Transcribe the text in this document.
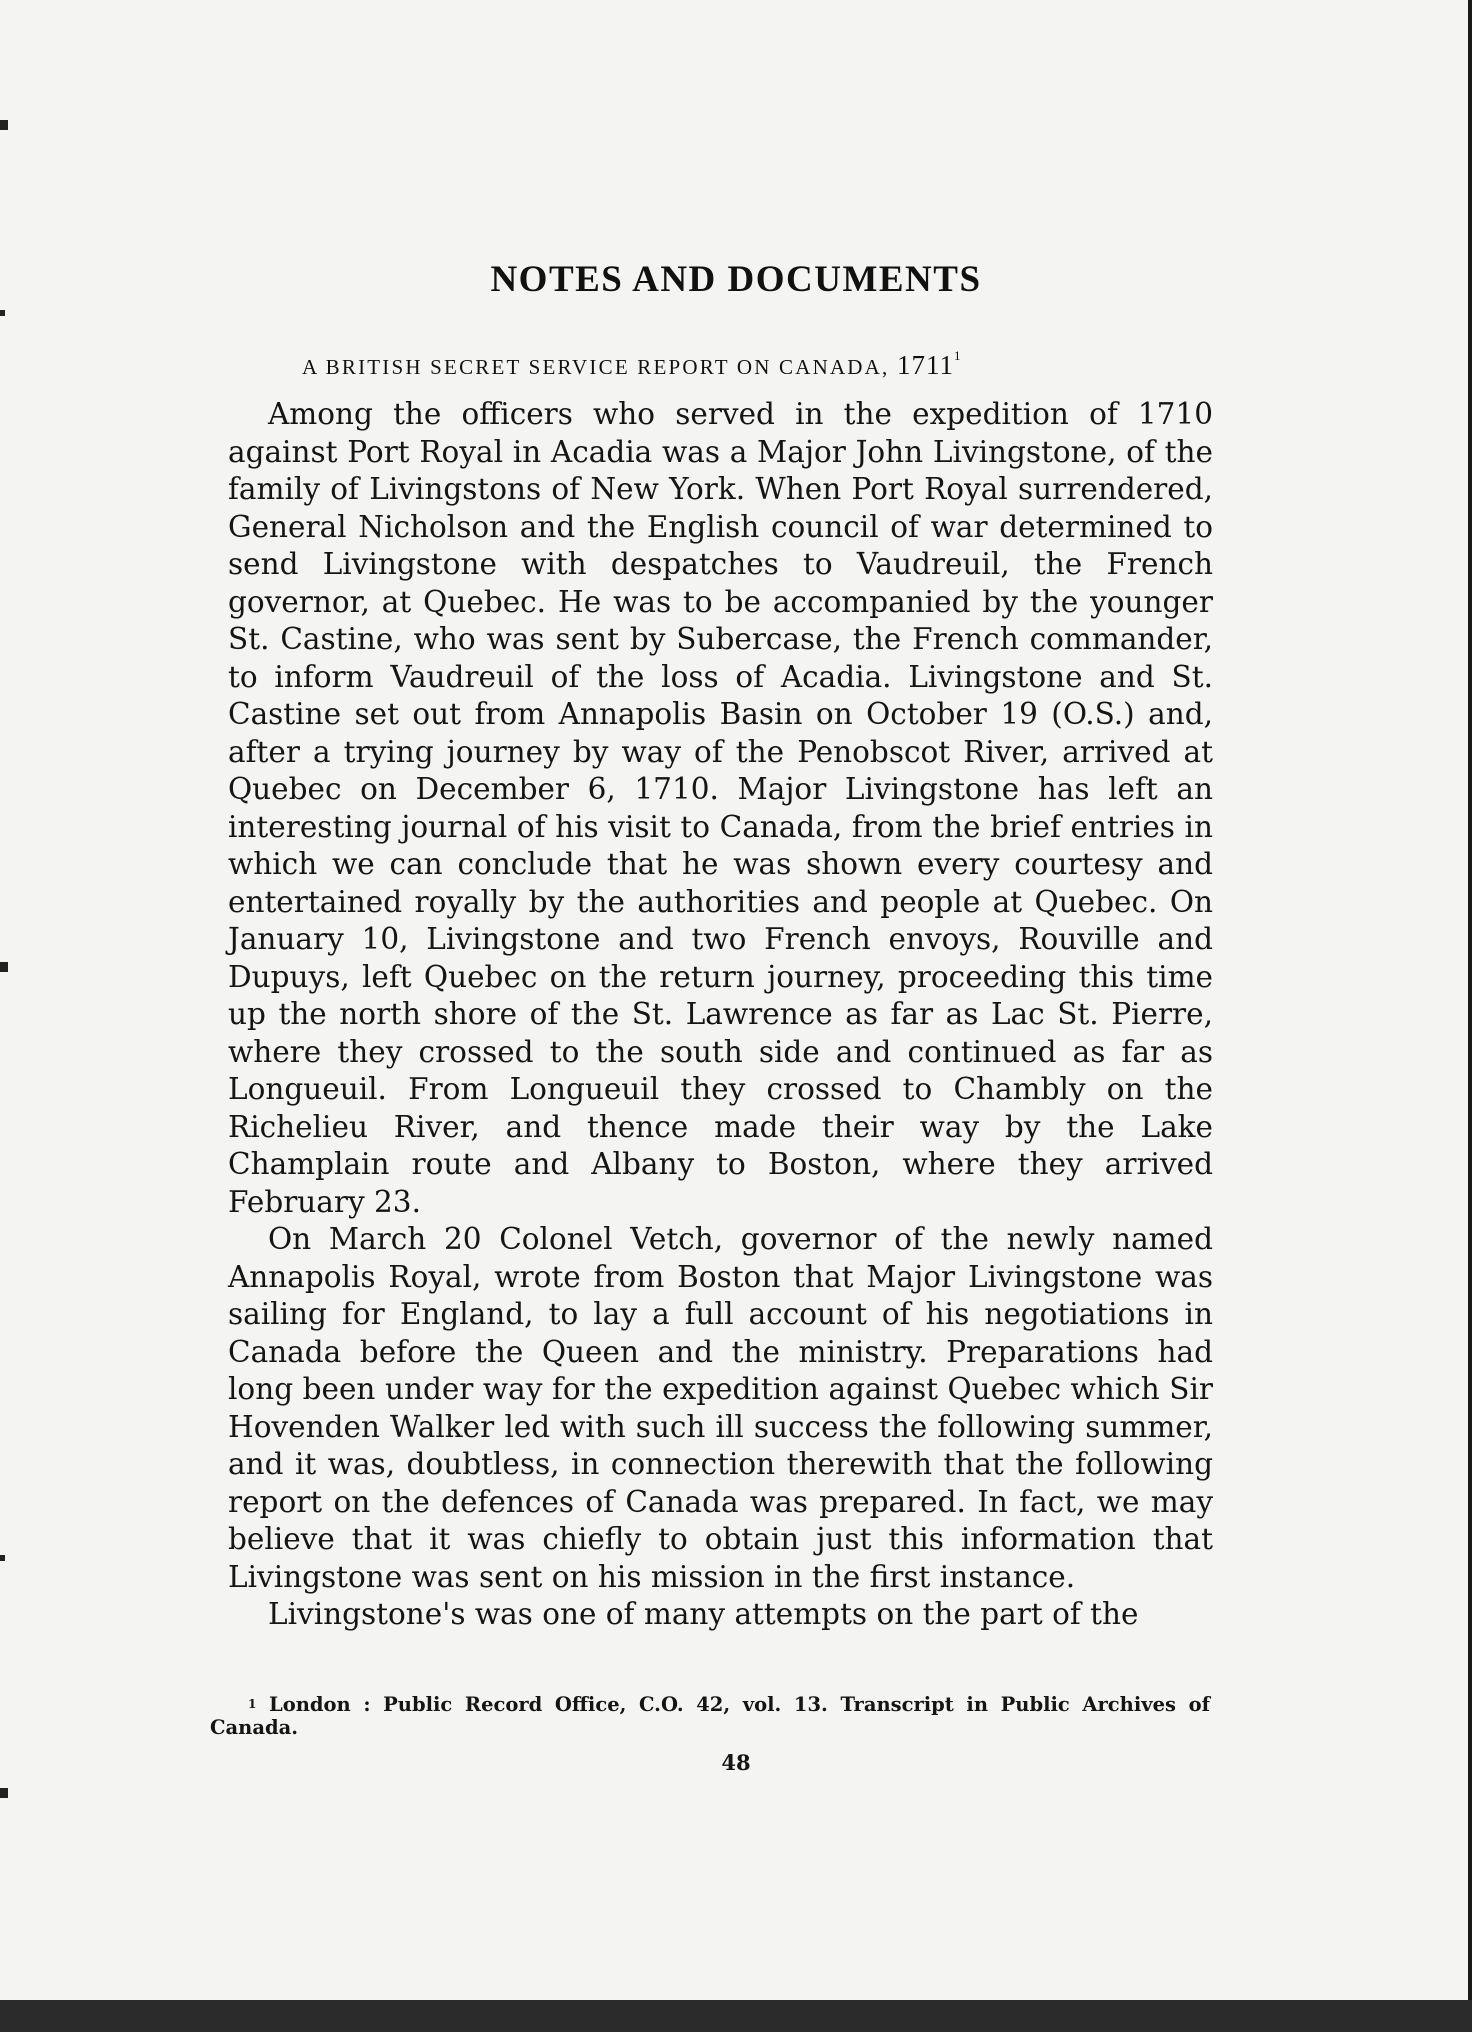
NOTES AND DOCUMENTS
A BRITISH SECRET SERVICE REPORT ON CANADA, 1711$^1$

Among the officers who served in the expedition of 1710 against Port Royal in Acadia was a Major John Livingstone, of the family of Livingstons of New York. When Port Royal surrendered, General Nicholson and the English council of war determined to send Livingstone with despatches to Vaudreuil, the French governor, at Quebec. He was to be accompanied by the younger St. Castine, who was sent by Subercase, the French commander, to inform Vaudreuil of the loss of Acadia. Livingstone and St. Castine set out from Annapolis Basin on October 19 (O.S.) and, after a trying journey by way of the Penobscot River, arrived at Quebec on December 6, 1710. Major Livingstone has left an interesting journal of his visit to Canada, from the brief entries in which we can conclude that he was shown every courtesy and entertained royally by the authorities and people at Quebec. On January 10, Livingstone and two French envoys, Rouville and Dupuys, left Quebec on the return journey, proceeding this time up the north shore of the St. Lawrence as far as Lac St. Pierre, where they crossed to the south side and continued as far as Longueuil. From Longueuil they crossed to Chambly on the Richelieu River, and thence made their way by the Lake Champlain route and Albany to Boston, where they arrived February 23.

On March 20 Colonel Vetch, governor of the newly named Annapolis Royal, wrote from Boston that Major Livingstone was sailing for England, to lay a full account of his negotiations in Canada before the Queen and the ministry. Preparations had long been under way for the expedition against Quebec which Sir Hovenden Walker led with such ill success the following summer, and it was, doubtless, in connection therewith that the following report on the defences of Canada was prepared. In fact, we may believe that it was chiefly to obtain just this information that Livingstone was sent on his mission in the first instance.

Livingstone's was one of many attempts on the part of the

$^1$ London : Public Record Office, C.O. 42, vol. 13. Transcript in Public Archives of Canada.

48
